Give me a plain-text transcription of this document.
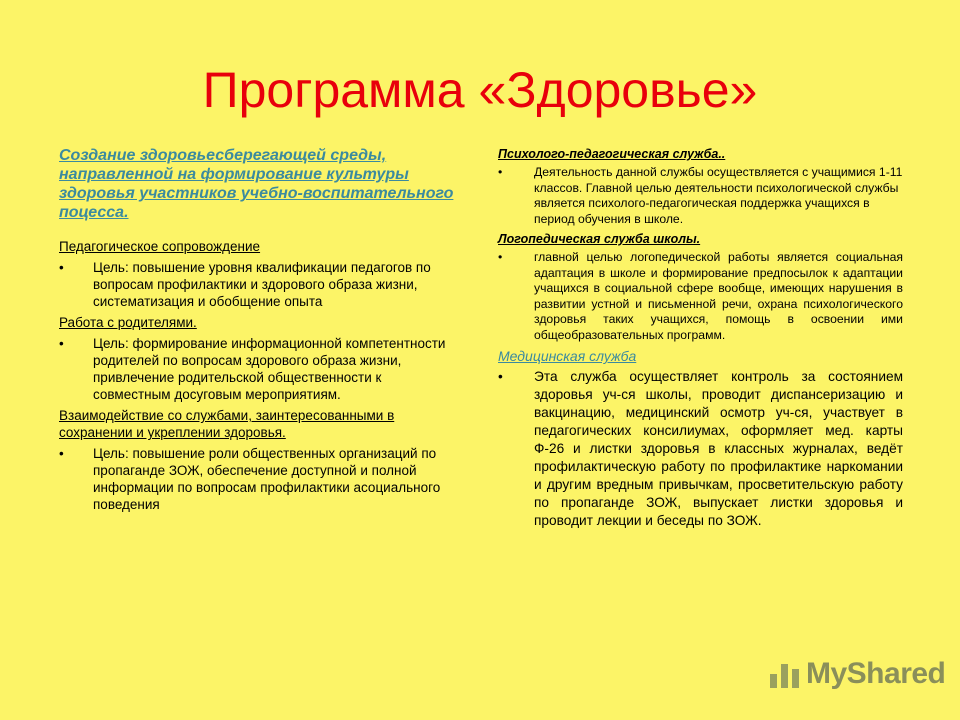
Программа «Здоровье»
Создание здоровьесберегающей среды, направленной на формирование культуры здоровья участников учебно-воспитательного поцесса.
Педагогическое сопровождение
• Цель: повышение уровня квалификации педагогов по вопросам профилактики и здорового образа жизни, систематизация и обобщение опыта
Работа с родителями.
• Цель: формирование информационной компетентности родителей по вопросам здорового образа жизни, привлечение родительской общественности к совместным досуговым мероприятиям.
Взаимодействие со службами, заинтересованными в сохранении и укреплении здоровья.
• Цель: повышение роли общественных организаций по пропаганде ЗОЖ, обеспечение доступной и полной информации по вопросам профилактики асоциального поведения
Психолого-педагогическая служба..
• Деятельность данной службы осуществляется с учащимися 1-11 классов. Главной целью деятельности психологической службы является психолого-педагогическая поддержка учащихся в период обучения в школе.
Логопедическая служба школы.
• главной целью логопедической работы является социальная адаптация в школе и формирование предпосылок к адаптации учащихся в социальной сфере вообще, имеющих нарушения в развитии устной и письменной речи, охрана психологического здоровья таких учащихся, помощь в освоении ими общеобразовательных программ.
Медицинская служба
• Эта служба осуществляет контроль за состоянием здоровья уч-ся школы, проводит диспансеризацию и вакцинацию, медицинский осмотр уч-ся, участвует в педагогических консилиумах, оформляет мед. карты Ф-26 и листки здоровья в классных журналах, ведёт профилактическую работу по профилактике наркомании и другим вредным привычкам, просветительскую работу по пропаганде ЗОЖ, выпускает листки здоровья и проводит лекции и беседы по ЗОЖ.
MyShared
